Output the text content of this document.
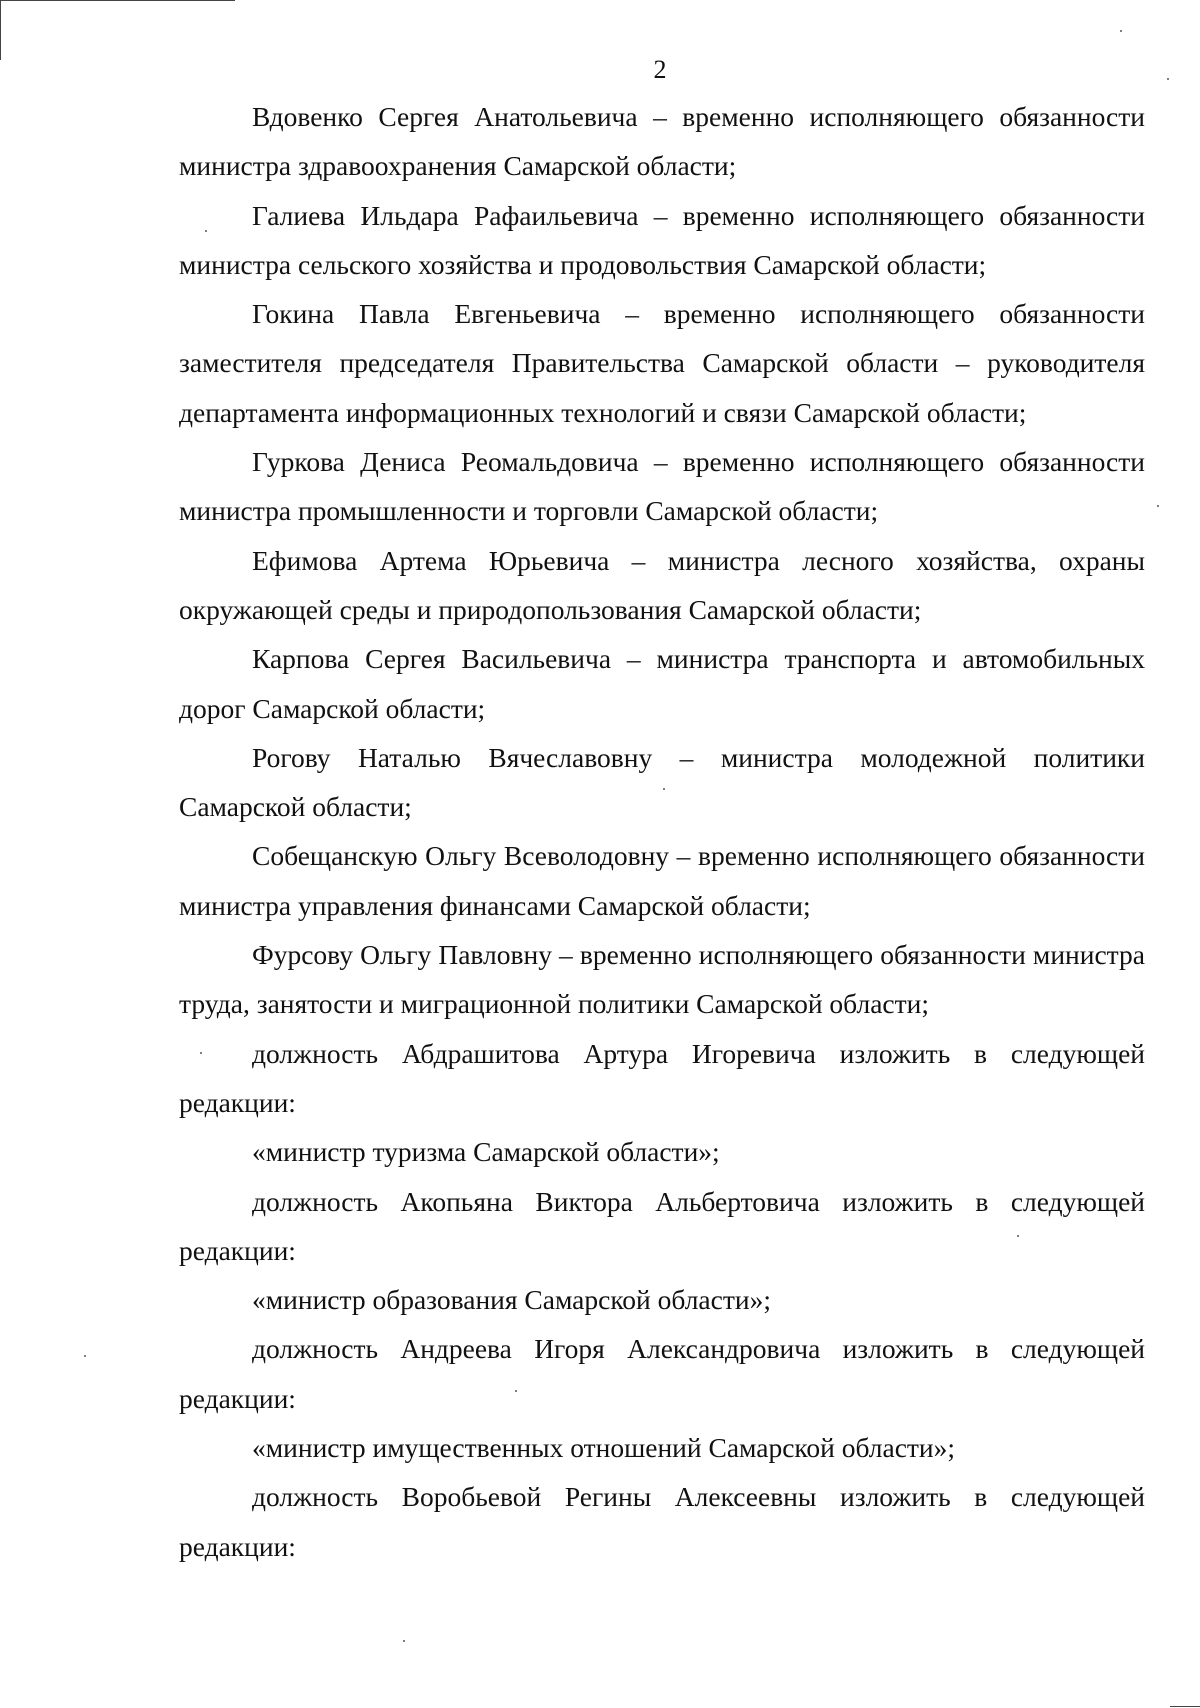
2

Вдовенко Сергея Анатольевича – временно исполняющего обязанности министра здравоохранения Самарской области;

Галиева Ильдара Рафаильевича – временно исполняющего обязанности министра сельского хозяйства и продовольствия Самарской области;

Гокина Павла Евгеньевича – временно исполняющего обязанности заместителя председателя Правительства Самарской области – руководителя департамента информационных технологий и связи Самарской области;

Гуркова Дениса Реомальдовича – временно исполняющего обязанности министра промышленности и торговли Самарской области;

Ефимова Артема Юрьевича – министра лесного хозяйства, охраны окружающей среды и природопользования Самарской области;

Карпова Сергея Васильевича – министра транспорта и автомобильных дорог Самарской области;

Рогову Наталью Вячеславовну – министра молодежной политики Самарской области;

Собещанскую Ольгу Всеволодовну – временно исполняющего обязанности министра управления финансами Самарской области;

Фурсову Ольгу Павловну – временно исполняющего обязанности министра труда, занятости и миграционной политики Самарской области;

должность Абдрашитова Артура Игоревича изложить в следующей редакции:

«министр туризма Самарской области»;

должность Акопьяна Виктора Альбертовича изложить в следующей редакции:

«министр образования Самарской области»;

должность Андреева Игоря Александровича изложить в следующей редакции:

«министр имущественных отношений Самарской области»;

должность Воробьевой Регины Алексеевны изложить в следующей редакции:
